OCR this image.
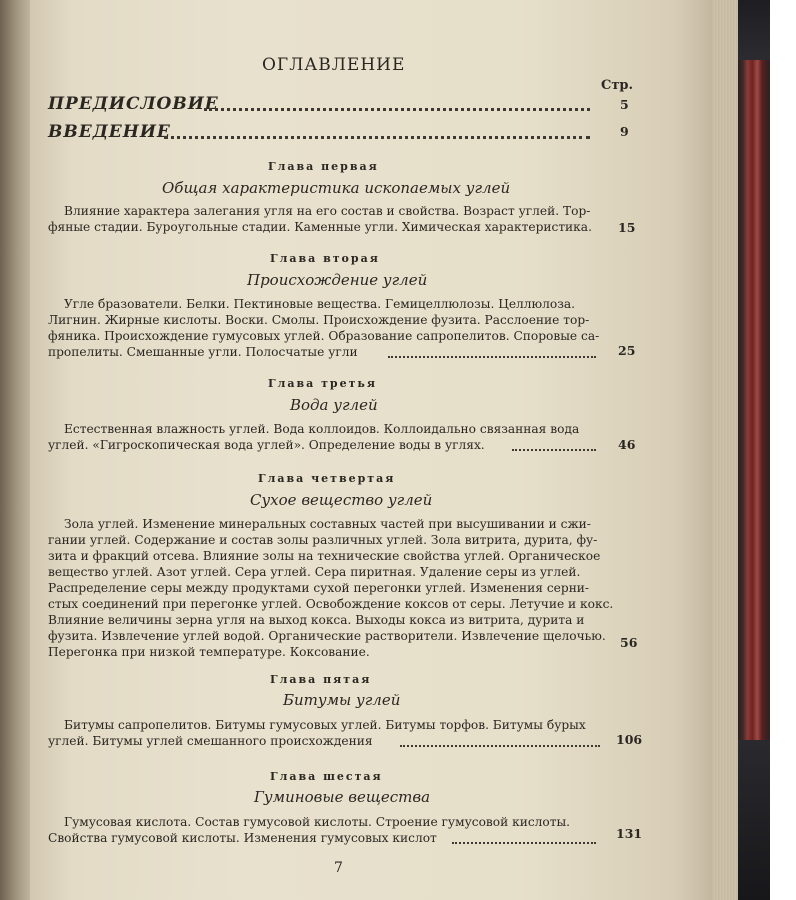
ОГЛАВЛЕНИЕ
Стр.
ПРЕДИСЛОВИЕ	5
ВВЕДЕНИЕ	9
Глава первая
Общая характеристика ископаемых углей
Влияние характера залегания угля на его состав и свойства. Возраст углей. Тор-
фяные стадии. Буроугольные стадии. Каменные угли. Химическая характеристика. 15
Глава вторая
Происхождение углей
Угле бразователи. Белки. Пектиновые вещества. Гемицеллюлозы. Целлюлоза.
Лигнин. Жирные кислоты. Воски. Смолы. Происхождение фузита. Расслоение тор-
фяника. Происхождение гумусовых углей. Образование сапропелитов. Споровые са-
пропелиты. Смешанные угли. Полосчатые угли	25
Глава третья
Вода углей
Естественная влажность углей. Вода коллоидов. Коллоидально связанная вода
углей. «Гигроскопическая вода углей». Определение воды в углях.	46
Глава четвертая
Сухое вещество углей
Зола углей. Изменение минеральных составных частей при высушивании и сжи-
гании углей. Содержание и состав золы различных углей. Зола витрита, дурита, фу-
зита и фракций отсева. Влияние золы на технические свойства углей. Органическое
вещество углей. Азот углей. Сера углей. Сера пиритная. Удаление серы из углей.
Распределение серы между продуктами сухой перегонки углей. Изменения серни-
стых соединений при перегонке углей. Освобождение коксов от серы. Летучие и кокс.
Влияние величины зерна угля на выход кокса. Выходы кокса из витрита, дурита и
фузита. Извлечение углей водой. Органические растворители. Извлечение щелочью.
Перегонка при низкой температуре. Коксование.
56
Глава пятая
Битумы углей
Битумы сапропелитов. Битумы гумусовых углей. Битумы торфов. Битумы бурых
углей. Битумы углей смешанного происхождения	106
Глава шестая
Гуминовые вещества
Гумусовая кислота. Состав гумусовой кислоты. Строение гумусовой кислоты.
Свойства гумусовой кислоты. Изменения гумусовых кислот	131
7
